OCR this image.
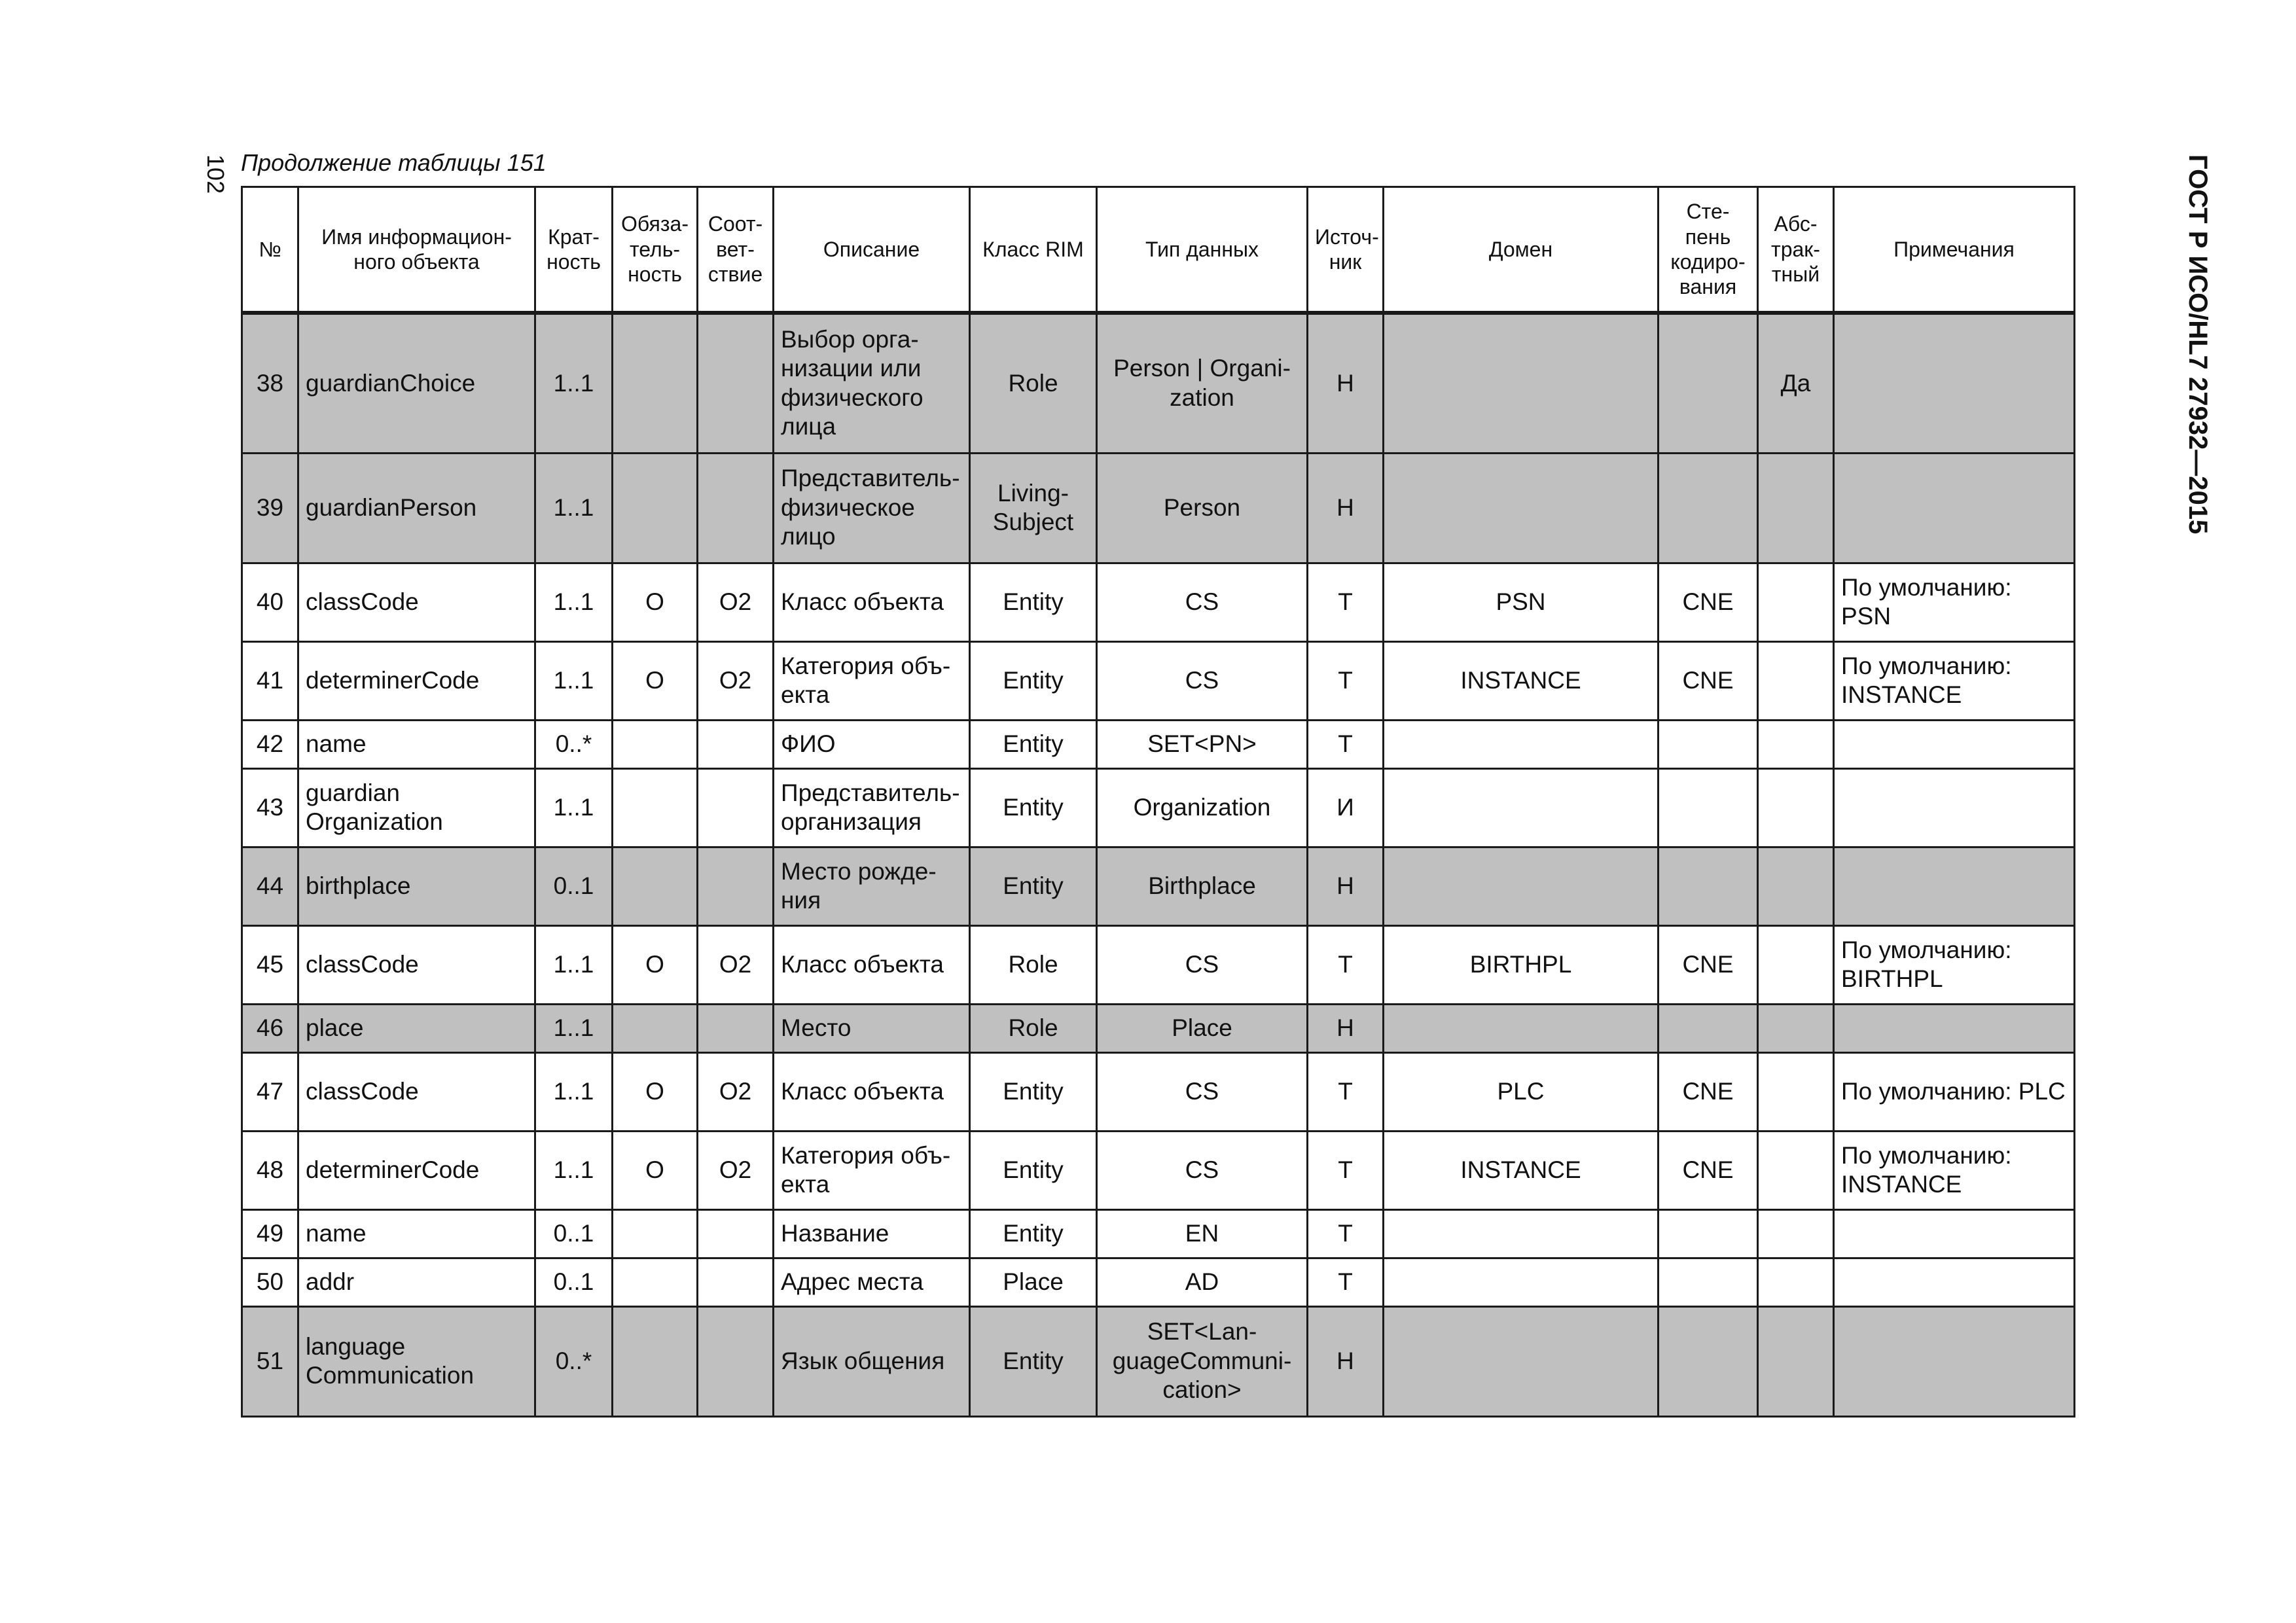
102	ГОСТ Р ИСО/HL7 27932—2015
Продолжение таблицы 151
№	Имя информацион-ного объекта	Крат-ность	Обяза-тель-ность	Соот-вет-ствие	Описание	Класс RIM	Тип данных	Источ-ник	Домен	Сте-пень кодиро-вания	Абс-трак-тный	Примечания
38	guardianChoice	1..1			Выбор орга-низации или физического лица	Role	Person | Organi-zation	Н			Да	
39	guardianPerson	1..1			Представитель-физическое лицо	Living-Subject	Person	Н				
40	classCode	1..1	О	О2	Класс объекта	Entity	CS	Т	PSN	CNE		По умолчанию: PSN
41	determinerCode	1..1	О	О2	Категория объ-екта	Entity	CS	Т	INSTANCE	CNE		По умолчанию: INSTANCE
42	name	0..*			ФИО	Entity	SET<PN>	Т				
43	guardian Organization	1..1			Представитель-организация	Entity	Organization	И				
44	birthplace	0..1			Место рожде-ния	Entity	Birthplace	Н				
45	classCode	1..1	О	О2	Класс объекта	Role	CS	Т	BIRTHPL	CNE		По умолчанию: BIRTHPL
46	place	1..1			Место	Role	Place	Н				
47	classCode	1..1	О	О2	Класс объекта	Entity	CS	Т	PLC	CNE		По умолчанию: PLC
48	determinerCode	1..1	О	О2	Категория объ-екта	Entity	CS	Т	INSTANCE	CNE		По умолчанию: INSTANCE
49	name	0..1			Название	Entity	EN	Т				
50	addr	0..1			Адрес места	Place	AD	Т				
51	language Communication	0..*			Язык общения	Entity	SET<Lan-guageCommuni-cation>	Н				
